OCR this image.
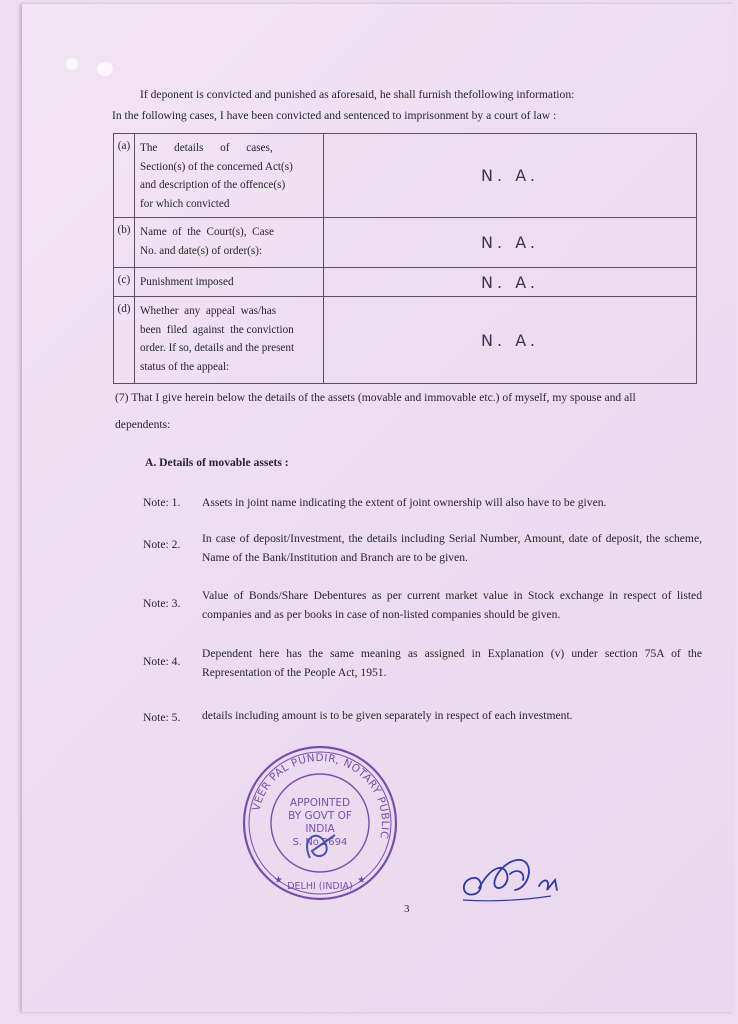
If deponent is convicted and punished as aforesaid, he shall furnish thefollowing information:
In the following cases, I have been convicted and sentenced to imprisonment by a court of law :
(a)	The      details      of      cases,
Section(s) of the concerned Act(s)
and description of the offence(s)
for which convicted	N. A.
(b)	Name  of  the  Court(s),  Case
No. and date(s) of order(s):	N. A.
(c)	Punishment imposed	N. A.
(d)	Whether  any  appeal  was/has
been  filed  against  the conviction
order. If so, details and the present
status of the appeal:	N. A.
(7) That I give herein below the details of the assets (movable and immovable etc.) of myself, my spouse and all
dependents:
A. Details of movable assets :
Note: 1. Assets in joint name indicating the extent of joint ownership will also have to be given.
Note: 2. In case of deposit/Investment, the details including Serial Number, Amount, date of deposit, the scheme, Name of the Bank/Institution and Branch are to be given.
Note: 3.
Value of Bonds/Share Debentures as per current market value in Stock exchange in respect of listed companies and as per books in case of non-listed companies should be given.
Note: 4.
Dependent here has the same meaning as assigned in Explanation (v) under section 75A of the Representation of the People Act, 1951.
Note: 5. details including amount is to be given separately in respect of each investment.
VEER PAL PUNDIR, NOTARY PUBLIC
APPOINTED
BY GOVT OF
INDIA
S. No.2694
DELHI (INDIA)
★	★
3
